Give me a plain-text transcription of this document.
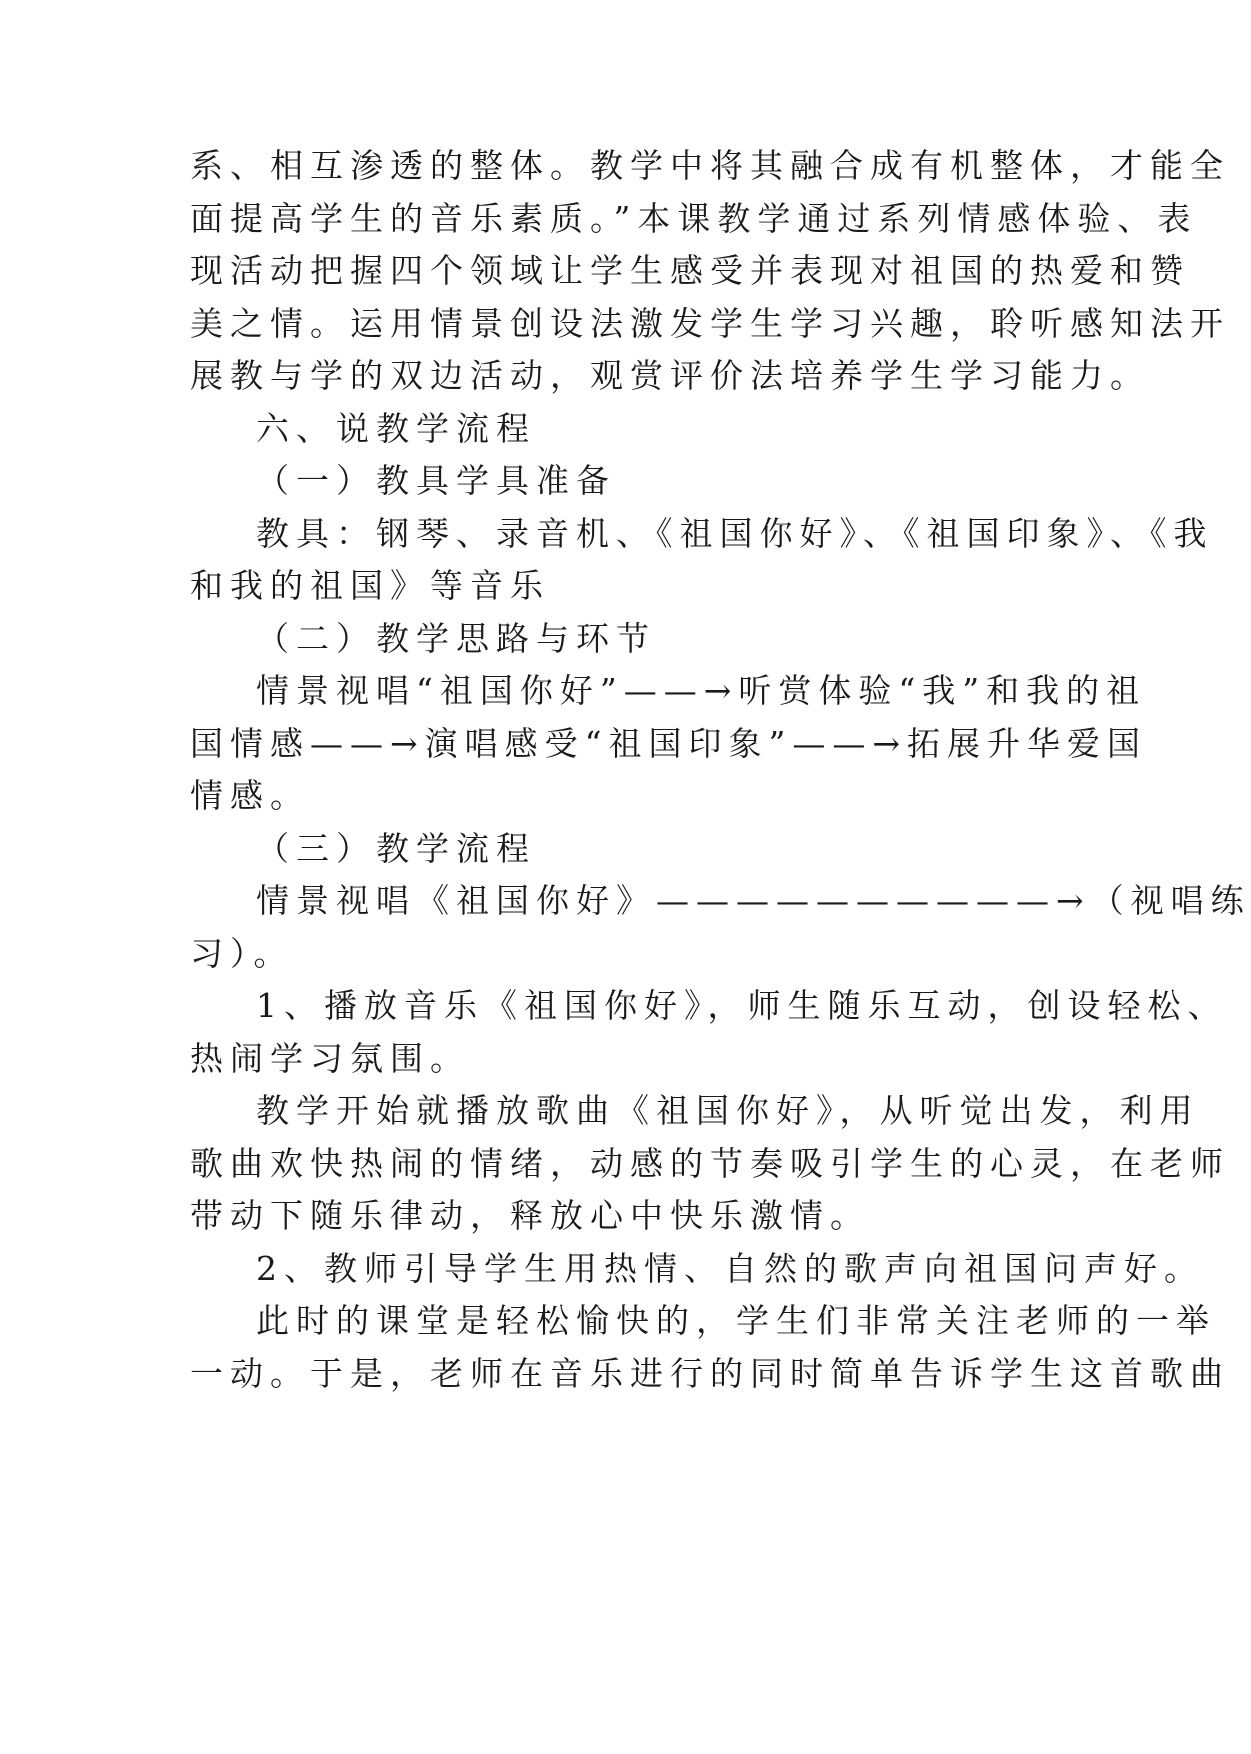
系、相互渗透的整体。教学中将其融合成有机整体，才能全
面提高学生的音乐素质。”本课教学通过系列情感体验、表
现活动把握四个领域让学生感受并表现对祖国的热爱和赞
美之情。运用情景创设法激发学生学习兴趣，聆听感知法开
展教与学的双边活动，观赏评价法培养学生学习能力。
六、说教学流程
（一）教具学具准备
教具：钢琴、录音机、《祖国你好》、《祖国印象》、《我
和我的祖国》等音乐
（二）教学思路与环节
情景视唱“祖国你好”——→听赏体验“我”和我的祖
国情感——→演唱感受“祖国印象”——→拓展升华爱国
情感。
（三）教学流程
情景视唱《祖国你好》——————————→（视唱练
习）。
1、播放音乐《祖国你好》，师生随乐互动，创设轻松、
热闹学习氛围。
教学开始就播放歌曲《祖国你好》，从听觉出发，利用
歌曲欢快热闹的情绪，动感的节奏吸引学生的心灵，在老师
带动下随乐律动，释放心中快乐激情。
2、教师引导学生用热情、自然的歌声向祖国问声好。
此时的课堂是轻松愉快的，学生们非常关注老师的一举
一动。于是，老师在音乐进行的同时简单告诉学生这首歌曲
